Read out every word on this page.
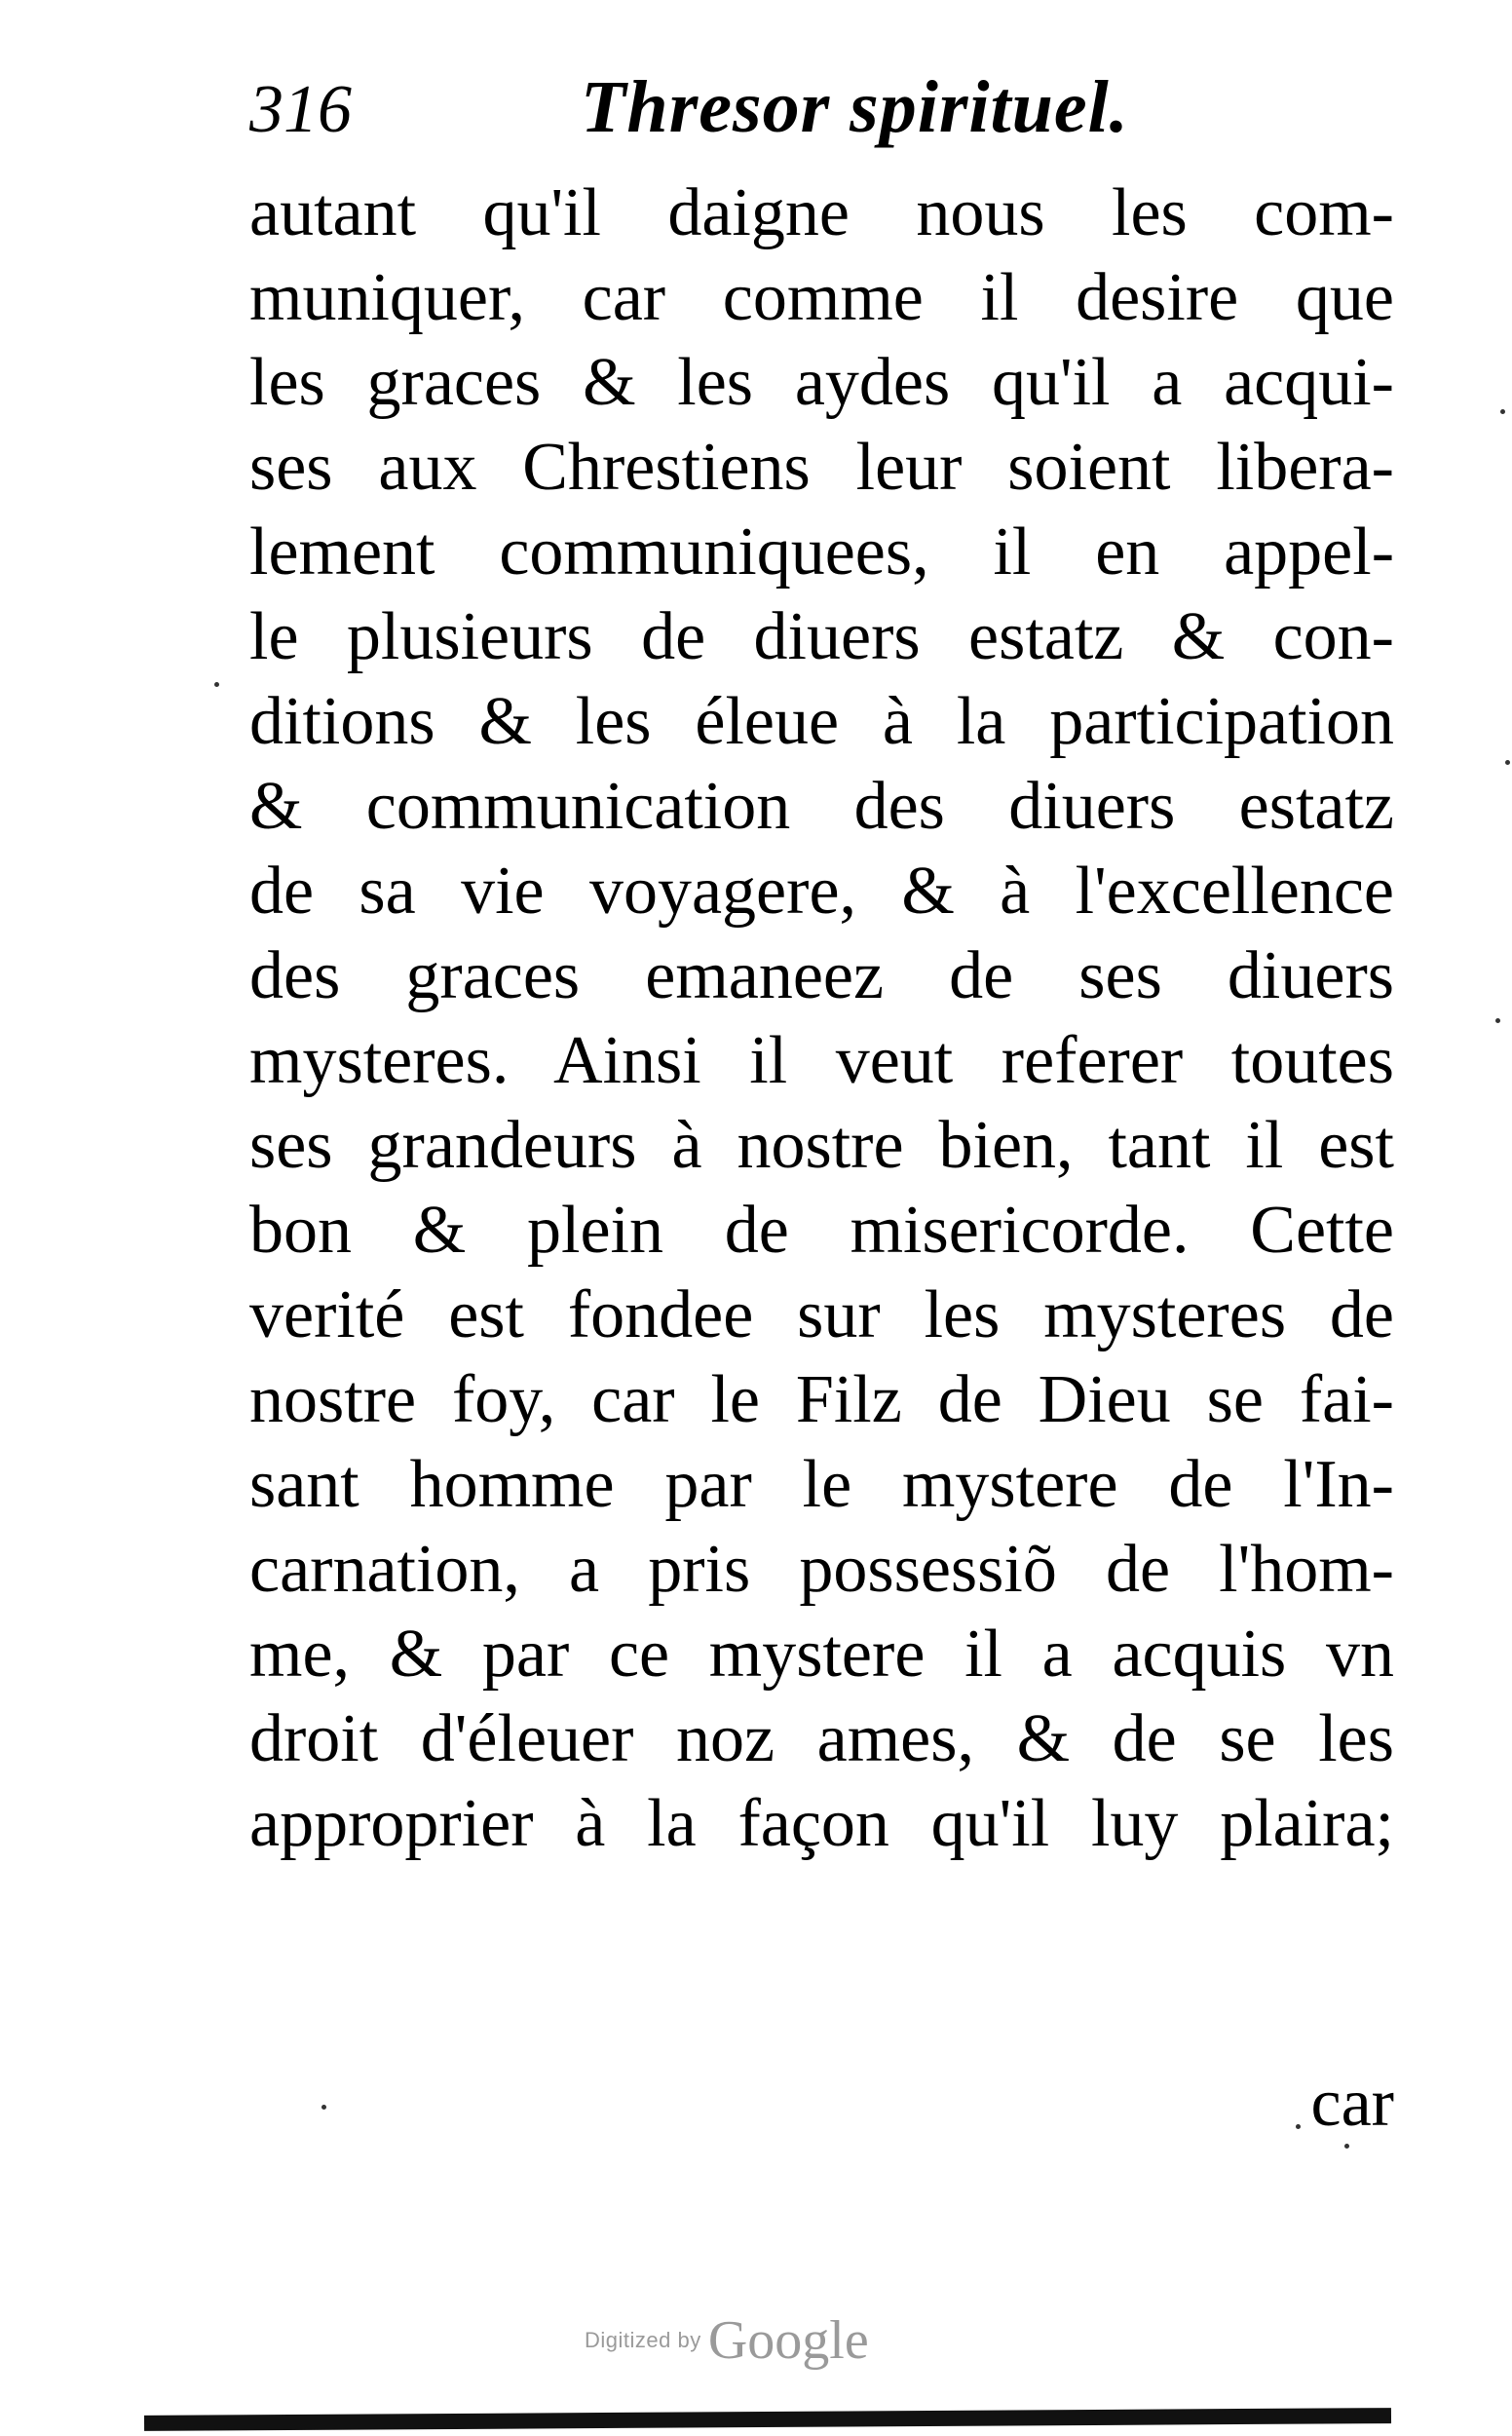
316	Thresor spirituel.
autant qu'il daigne nous les com-
muniquer, car comme il desire que
les graces & les aydes qu'il a acqui-
ses aux Chrestiens leur soient libera-
lement communiquees, il en appel-
le plusieurs de diuers estatz & con-
ditions & les éleue à la participation
& communication des diuers estatz
de sa vie voyagere, & à l'excellence
des graces emaneez de ses diuers
mysteres. Ainsi il veut referer toutes
ses grandeurs à nostre bien, tant il est
bon & plein de misericorde. Cette
verité est fondee sur les mysteres de
nostre foy, car le Filz de Dieu se fai-
sant homme par le mystere de l'In-
carnation, a pris possessiõ de l'hom-
me, & par ce mystere il a acquis vn
droit d'éleuer noz ames, & de se les
approprier à la façon qu'il luy plaira;
car
Digitized by Google
